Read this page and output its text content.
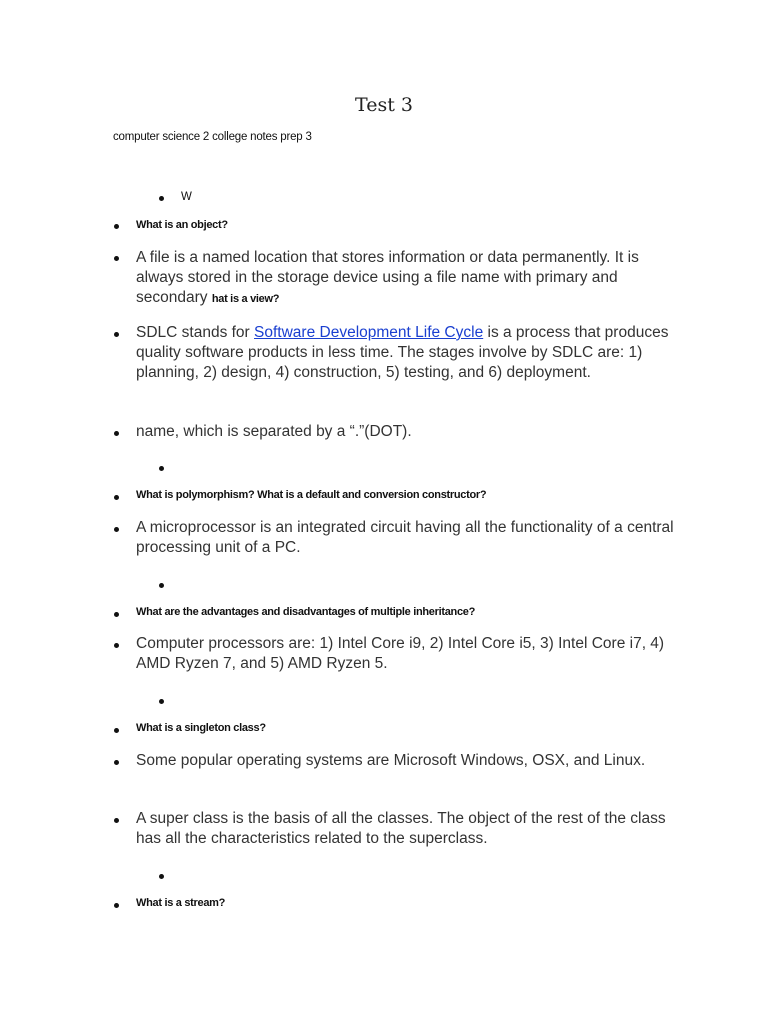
Test 3
computer science 2 college notes prep 3
W
What is an object?
A file is a named location that stores information or data permanently. It is always stored in the storage device using a file name with primary and secondary hat is a view?
SDLC stands for Software Development Life Cycle is a process that produces quality software products in less time. The stages involve by SDLC are: 1) planning, 2) design, 4) construction, 5) testing, and 6) deployment.
name, which is separated by a “.”(DOT).
What is polymorphism? What is a default and conversion constructor?
A microprocessor is an integrated circuit having all the functionality of a central processing unit of a PC.
What are the advantages and disadvantages of multiple inheritance?
Computer processors are: 1) Intel Core i9, 2) Intel Core i5, 3) Intel Core i7, 4) AMD Ryzen 7, and 5) AMD Ryzen 5.
What is a singleton class?
Some popular operating systems are Microsoft Windows, OSX, and Linux.
A super class is the basis of all the classes. The object of the rest of the class has all the characteristics related to the superclass.
What is a stream?
